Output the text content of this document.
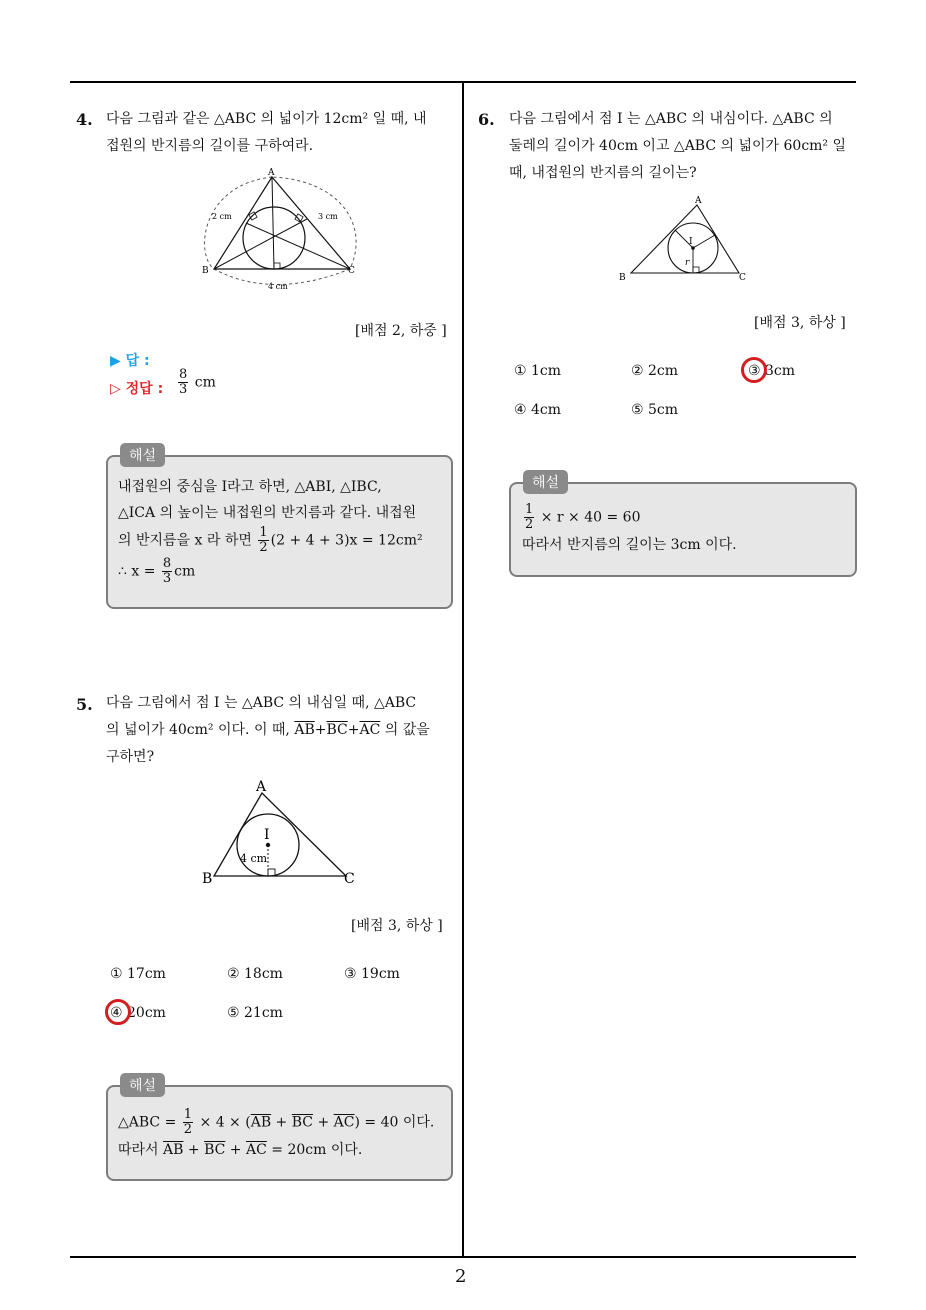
2
4. 다음 그림과 같은 △ABC 의 넓이가 12cm² 일 때, 내
접원의 반지름의 길이를 구하여라.
A
B	C
2 cm	3 cm
4 cm
[배점 2, 하중 ]
▶ 답 :
▷ 정답 : $\frac{8}{3}$ cm
해설
내접원의 중심을 I라고 하면, △ABI, △IBC,
△ICA 의 높이는 내접원의 반지름과 같다. 내접원
의 반지름을 x 라 하면 $\frac{1}{2} (2 + 4 + 3)x = 12cm^2$
∴ $x = \frac{8}{3}$ cm
5. 다음 그림에서 점 I 는 △ABC 의 내심일 때, △ABC
의 넓이가 40cm² 이다. 이 때, $\overline{AB}+\overline{BC}+\overline{AC}$ 의 값을
구하면?
A
B	C
I
4 cm
[배점 3, 하상 ]
① 17cm	② 18cm	③ 19cm
④ 20cm	⑤ 21cm
해설
△ABC = $\frac{1}{2} \times 4 \times (\overline{AB} + \overline{BC} + \overline{AC}) = 40$ 이다.
따라서 $\overline{AB} + \overline{BC} + \overline{AC} = 20cm$ 이다.
6. 다음 그림에서 점 I 는 △ABC 의 내심이다. △ABC 의
둘레의 길이가 40cm 이고 △ABC 의 넓이가 60cm² 일
때, 내접원의 반지름의 길이는?
A
B	C
I
r
[배점 3, 하상 ]
① 1cm	② 2cm	③ 3cm
④ 4cm	⑤ 5cm
해설
$\frac{1}{2} \times r \times 40 = 60$
따라서 반지름의 길이는 3cm 이다.
